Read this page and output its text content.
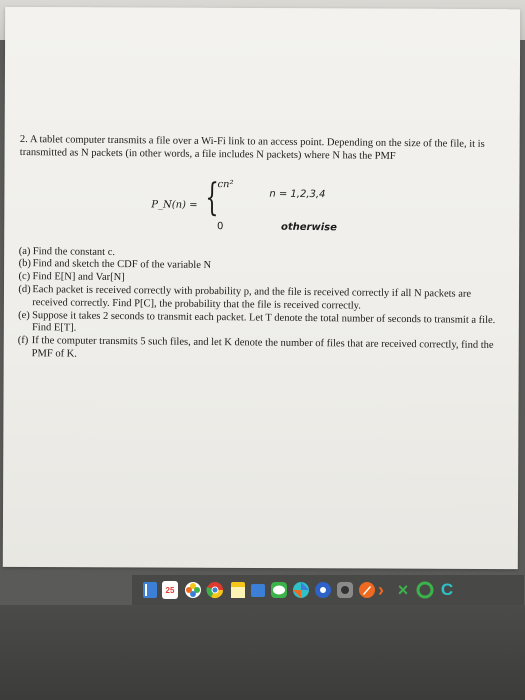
2. A tablet computer transmits a file over a Wi-Fi link to an access point. Depending on the size of the file, it is transmitted as N packets (in other words, a file includes N packets) where N has the PMF

P_N(n) = {
cn²
n = 1,2,3,4
0	otherwise
(a) Find the constant c.
(b) Find and sketch the CDF of the variable N
(c) Find E[N] and Var[N]
(d) Each packet is received correctly with probability p, and the file is received correctly if all N packets are received correctly. Find P[C], the probability that the file is received correctly.
(e) Suppose it takes 2 seconds to transmit each packet. Let T denote the total number of seconds to transmit a file. Find E[T].
(f) If the computer transmits 5 such files, and let K denote the number of files that are received correctly, find the PMF of K.
25	› × C
